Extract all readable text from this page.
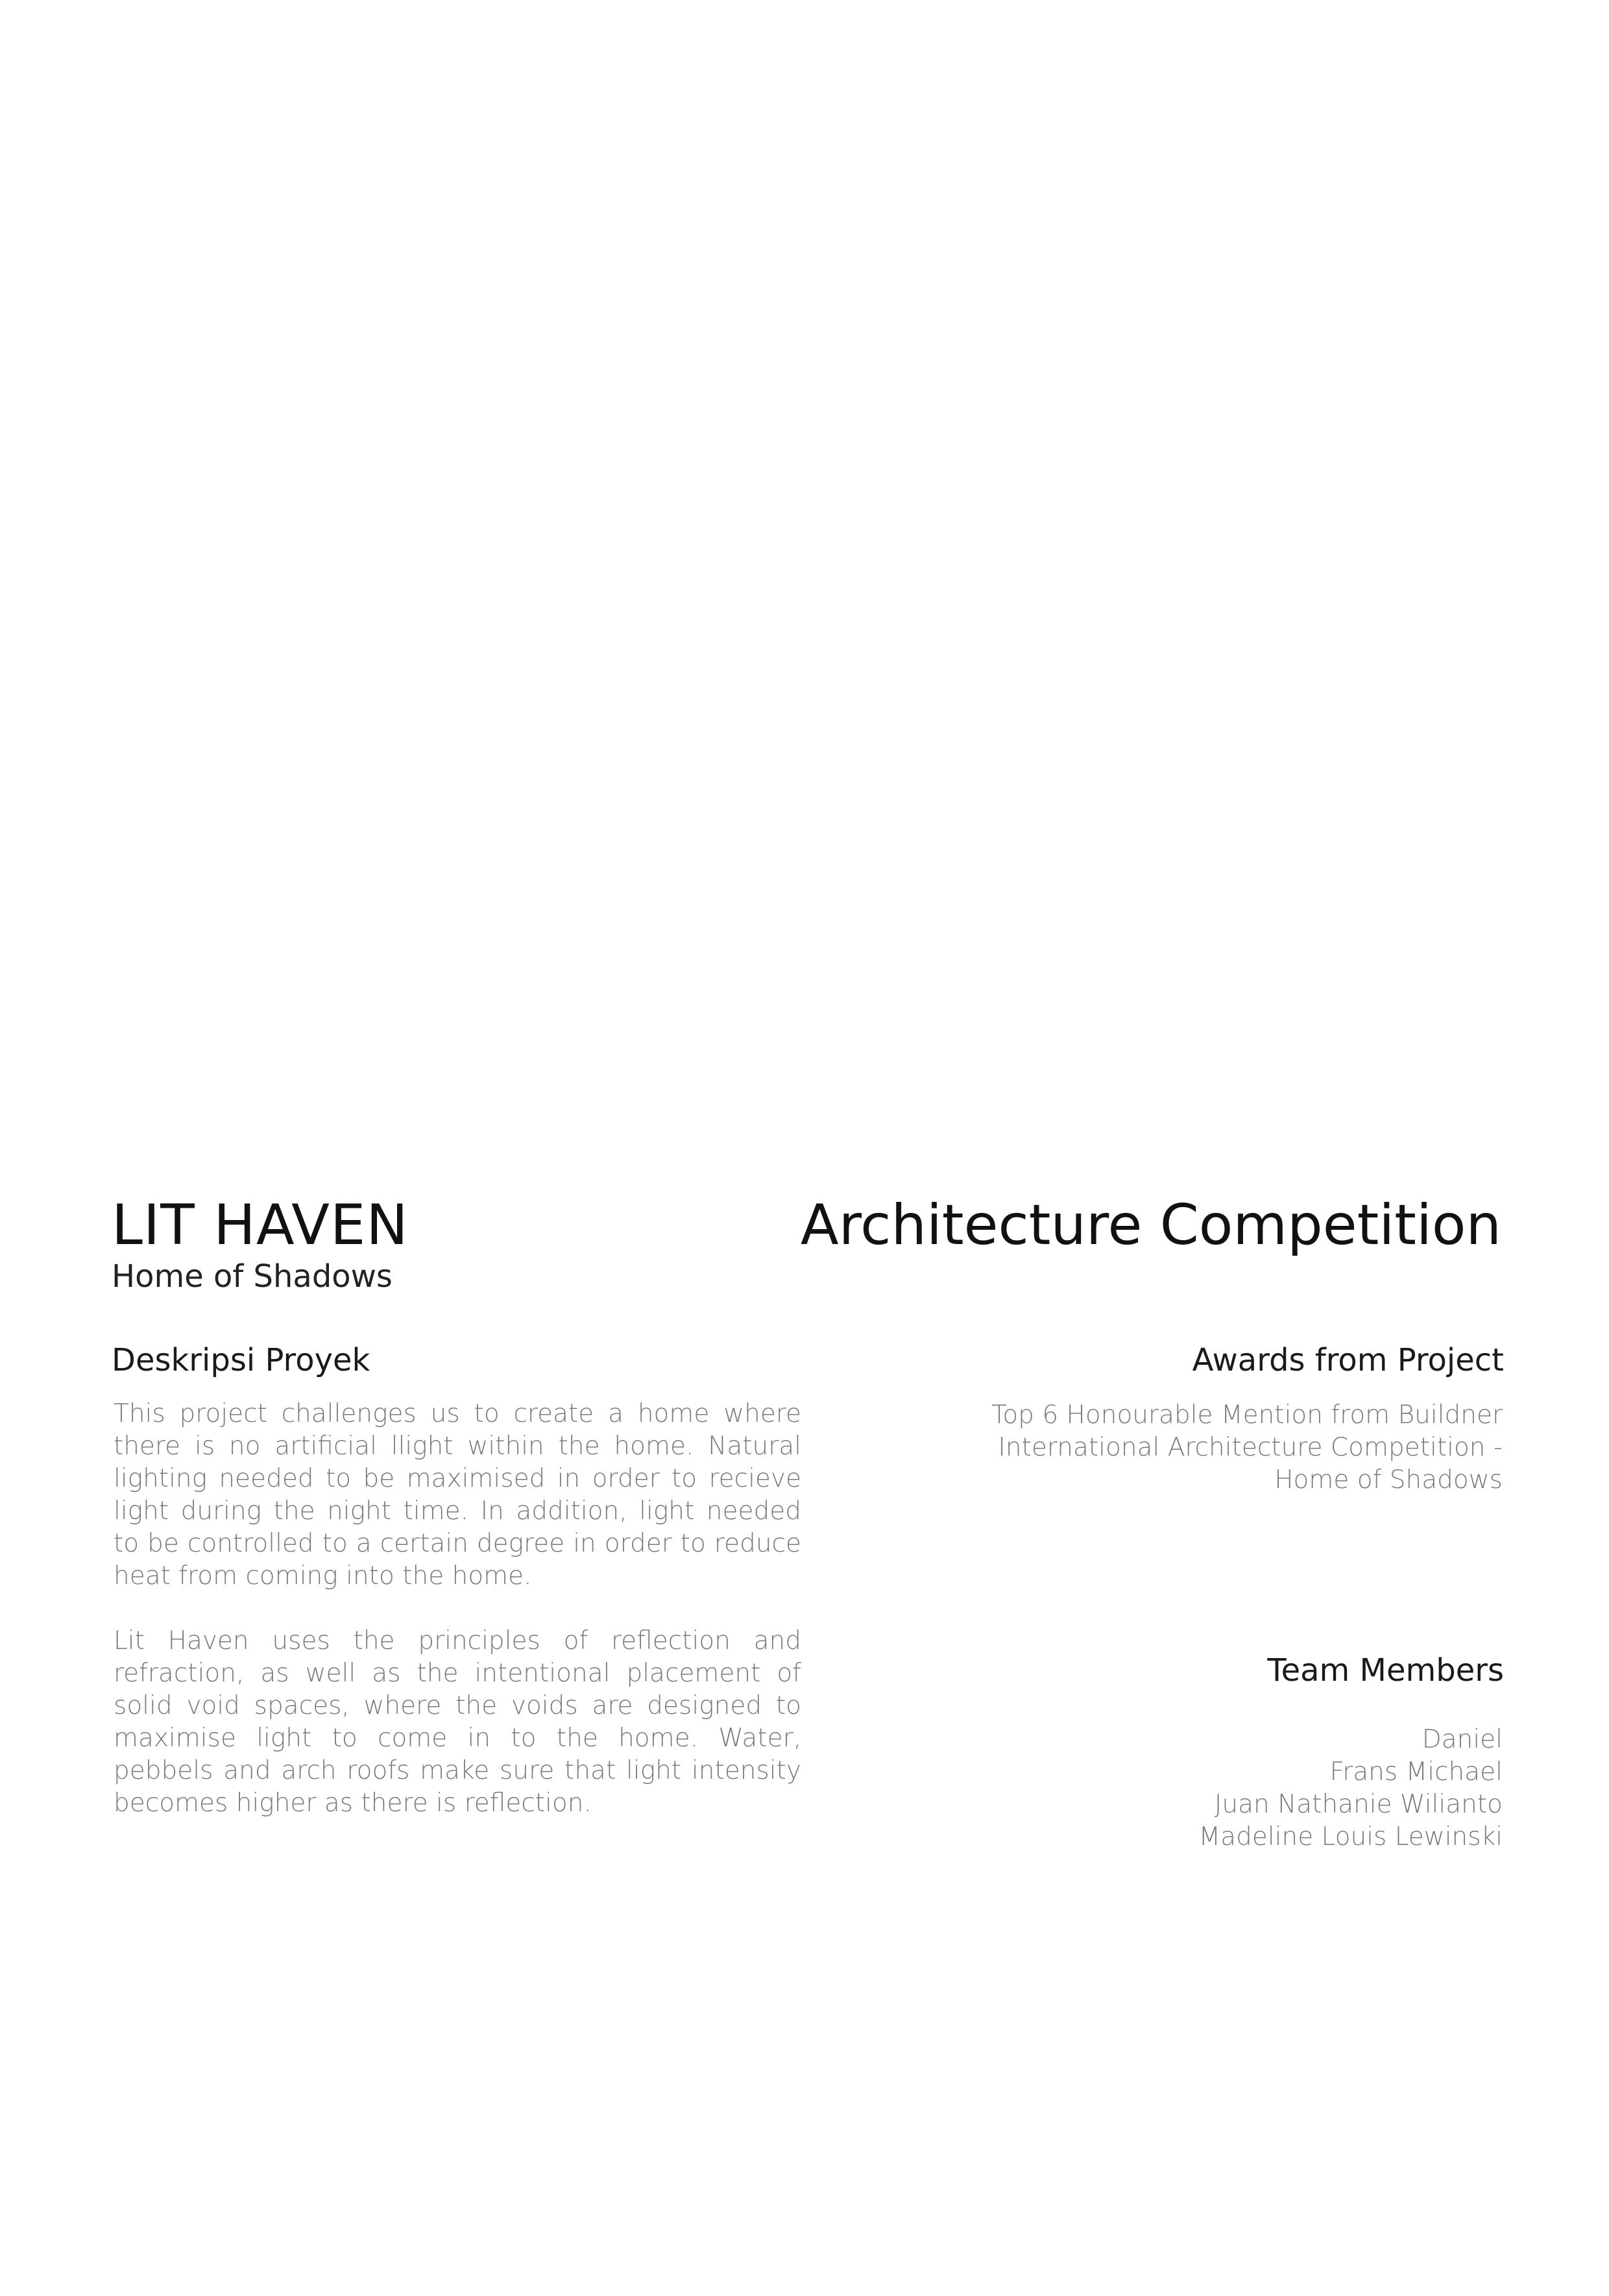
LIT HAVEN
Home of Shadows
Architecture Competition
Deskripsi Proyek

This project challenges us to create a home where there is no artificial llight within the home. Natural lighting needed to be maximised in order to recieve light during the night time. In addition, light needed to be controlled to a certain degree in order to reduce heat from coming into the home.

Lit Haven uses the principles of reflection and refraction, as well as the intentional placement of solid void spaces, where the voids are designed to maximise light to come in to the home. Water, pebbels and arch roofs make sure that light intensity becomes higher as there is reflection.

Awards from Project

Top 6 Honourable Mention from Buildner International Architecture Competition - Home of Shadows

Team Members
Daniel
Frans Michael
Juan Nathanie Wilianto
Madeline Louis Lewinski
